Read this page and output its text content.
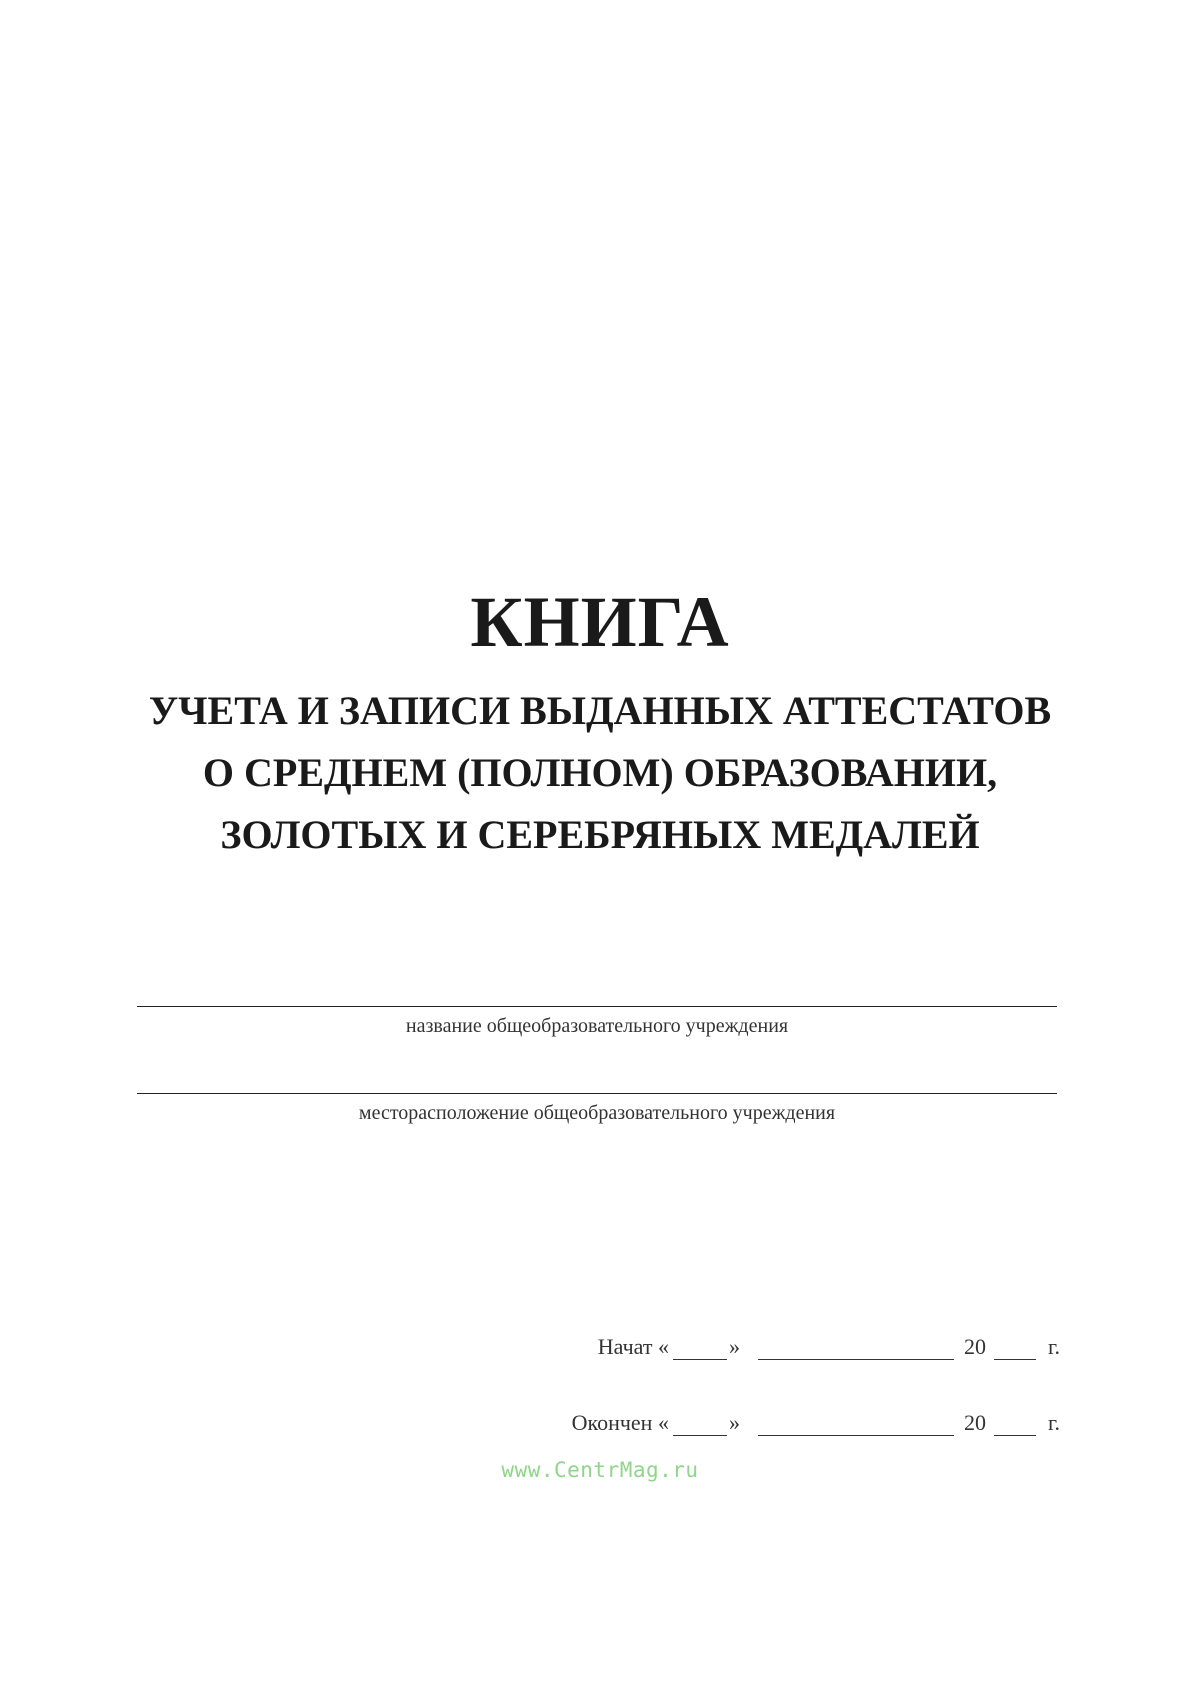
КНИГА
УЧЕТА И ЗАПИСИ ВЫДАННЫХ АТТЕСТАТОВ
О СРЕДНЕМ (ПОЛНОМ) ОБРАЗОВАНИИ,
ЗОЛОТЫХ И СЕРЕБРЯНЫХ МЕДАЛЕЙ
название общеобразовательного учреждения
месторасположение общеобразовательного учреждения
Начат «	»	20	г.
Окончен «	»	20	г.
www.CentrMag.ru
